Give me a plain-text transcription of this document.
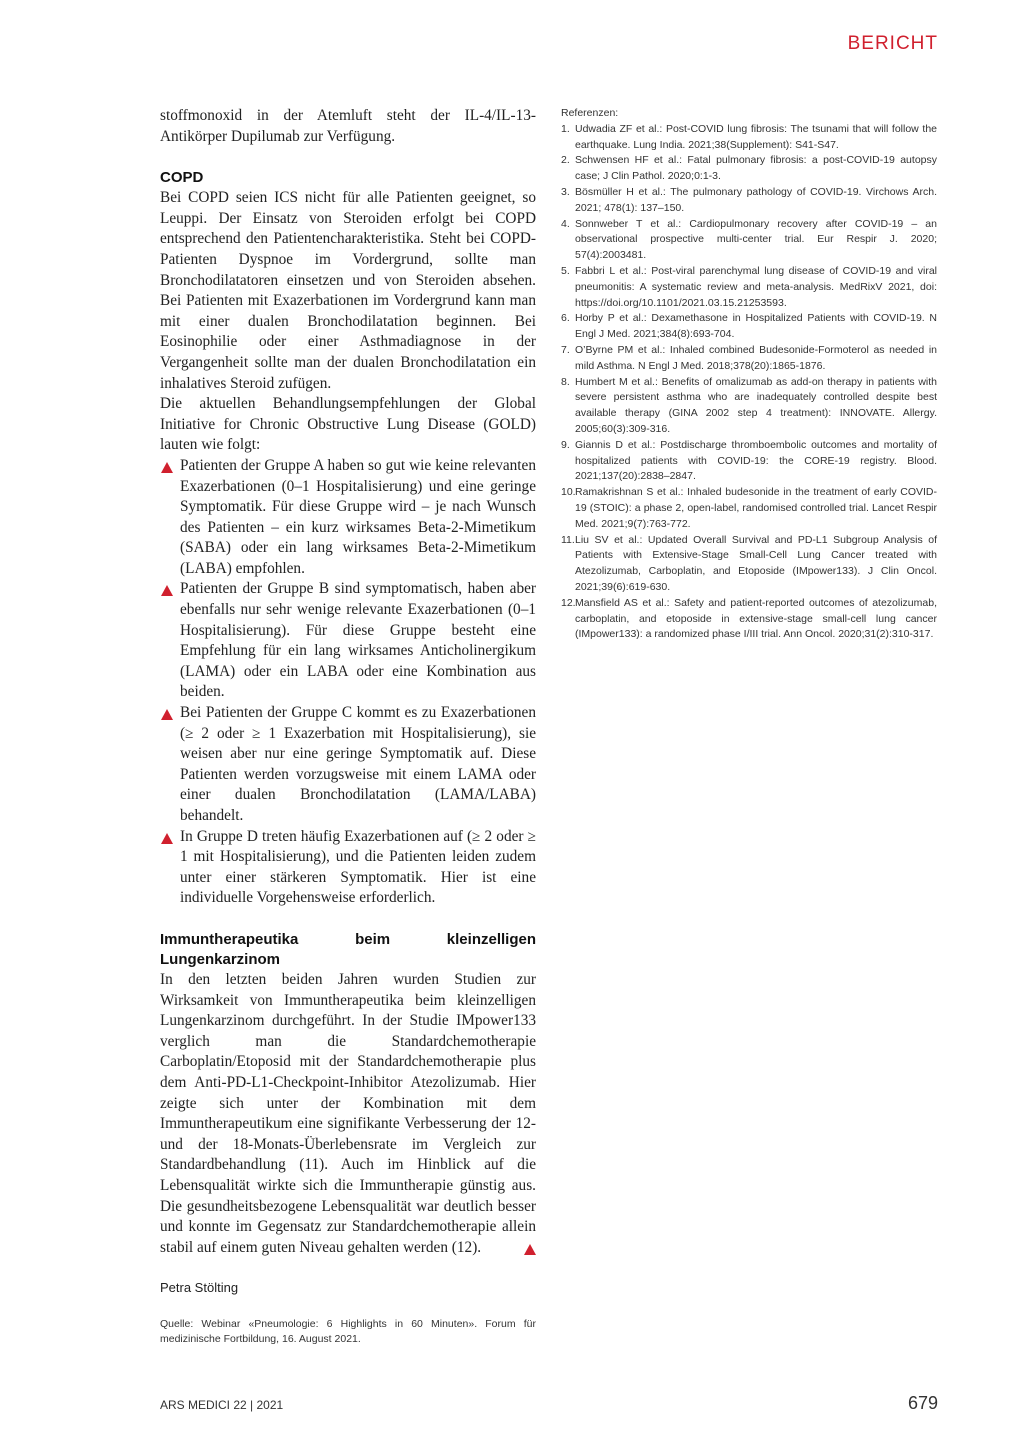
BERICHT

stoffmonoxid in der Atemluft steht der IL-4/IL-13-Antikörper Dupilumab zur Verfügung.

COPD

Bei COPD seien ICS nicht für alle Patienten geeignet, so Leuppi. Der Einsatz von Steroiden erfolgt bei COPD entsprechend den Patientencharakteristika. Steht bei COPD-Patienten Dyspnoe im Vordergrund, sollte man Bronchodilatatoren einsetzen und von Steroiden absehen. Bei Patienten mit Exazerbationen im Vordergrund kann man mit einer dualen Bronchodilatation beginnen. Bei Eosinophilie oder einer Asthmadiagnose in der Vergangenheit sollte man der dualen Bronchodilatation ein inhalatives Steroid zufügen.

Die aktuellen Behandlungsempfehlungen der Global Initiative for Chronic Obstructive Lung Disease (GOLD) lauten wie folgt:

Patienten der Gruppe A haben so gut wie keine relevanten Exazerbationen (0–1 Hospitalisierung) und eine geringe Symptomatik. Für diese Gruppe wird – je nach Wunsch des Patienten – ein kurz wirksames Beta-2-Mimetikum (SABA) oder ein lang wirksames Beta-2-Mimetikum (LABA) empfohlen.
Patienten der Gruppe B sind symptomatisch, haben aber ebenfalls nur sehr wenige relevante Exazerbationen (0–1 Hospitalisierung). Für diese Gruppe besteht eine Empfehlung für ein lang wirksames Anticholinergikum (LAMA) oder ein LABA oder eine Kombination aus beiden.
Bei Patienten der Gruppe C kommt es zu Exazerbationen (≥ 2 oder ≥ 1 Exazerbation mit Hospitalisierung), sie weisen aber nur eine geringe Symptomatik auf. Diese Patienten werden vorzugsweise mit einem LAMA oder einer dualen Bronchodilatation (LAMA/LABA) behandelt.
In Gruppe D treten häufig Exazerbationen auf (≥ 2 oder ≥ 1 mit Hospitalisierung), und die Patienten leiden zudem unter einer stärkeren Symptomatik. Hier ist eine individuelle Vorgehensweise erforderlich.
Immuntherapeutika beim kleinzelligen Lungenkarzinom

In den letzten beiden Jahren wurden Studien zur Wirksamkeit von Immuntherapeutika beim kleinzelligen Lungenkarzinom durchgeführt. In der Studie IMpower133 verglich man die Standardchemotherapie Carboplatin/Etoposid mit der Standardchemotherapie plus dem Anti-PD-L1-Checkpoint-Inhibitor Atezolizumab. Hier zeigte sich unter der Kombination mit dem Immuntherapeutikum eine signifikante Verbesserung der 12- und der 18-Monats-Überlebensrate im Vergleich zur Standardbehandlung (11). Auch im Hinblick auf die Lebensqualität wirkte sich die Immuntherapie günstig aus. Die gesundheitsbezogene Lebensqualität war deutlich besser und konnte im Gegensatz zur Standardchemotherapie allein stabil auf einem guten Niveau gehalten werden (12).

Petra Stölting

Quelle: Webinar «Pneumologie: 6 Highlights in 60 Minuten». Forum für medizinische Fortbildung, 16. August 2021.

Referenzen:

1. Udwadia ZF et al.: Post-COVID lung fibrosis: The tsunami that will follow the earthquake. Lung India. 2021;38(Supplement): S41-S47.
2. Schwensen HF et al.: Fatal pulmonary fibrosis: a post-COVID-19 autopsy case; J Clin Pathol. 2020;0:1-3.
3. Bösmüller H et al.: The pulmonary pathology of COVID-19. Virchows Arch. 2021; 478(1): 137–150.
4. Sonnweber T et al.: Cardiopulmonary recovery after COVID-19 – an observational prospective multi-center trial. Eur Respir J. 2020; 57(4):2003481.
5. Fabbri L et al.: Post-viral parenchymal lung disease of COVID-19 and viral pneumonitis: A systematic review and meta-analysis. MedRixV 2021, doi: https://doi.org/10.1101/2021.03.15.21253593.
6. Horby P et al.: Dexamethasone in Hospitalized Patients with COVID-19. N Engl J Med. 2021;384(8):693-704.
7. O’Byrne PM et al.: Inhaled combined Budesonide-Formoterol as needed in mild Asthma. N Engl J Med. 2018;378(20):1865-1876.
8. Humbert M et al.: Benefits of omalizumab as add-on therapy in patients with severe persistent asthma who are inadequately controlled despite best available therapy (GINA 2002 step 4 treatment): INNOVATE. Allergy. 2005;60(3):309-316.
9. Giannis D et al.: Postdischarge thromboembolic outcomes and mortality of hospitalized patients with COVID-19: the CORE-19 registry. Blood. 2021;137(20):2838–2847.
10. Ramakrishnan S et al.: Inhaled budesonide in the treatment of early COVID-19 (STOIC): a phase 2, open-label, randomised controlled trial. Lancet Respir Med. 2021;9(7):763-772.
11. Liu SV et al.: Updated Overall Survival and PD-L1 Subgroup Analysis of Patients with Extensive-Stage Small-Cell Lung Cancer treated with Atezolizumab, Carboplatin, and Etoposide (IMpower133). J Clin Oncol. 2021;39(6):619-630.
12. Mansfield AS et al.: Safety and patient-reported outcomes of atezolizumab, carboplatin, and etoposide in extensive-stage small-cell lung cancer (IMpower133): a randomized phase I/III trial. Ann Oncol. 2020;31(2):310-317.
ARS MEDICI 22 | 2021	679
